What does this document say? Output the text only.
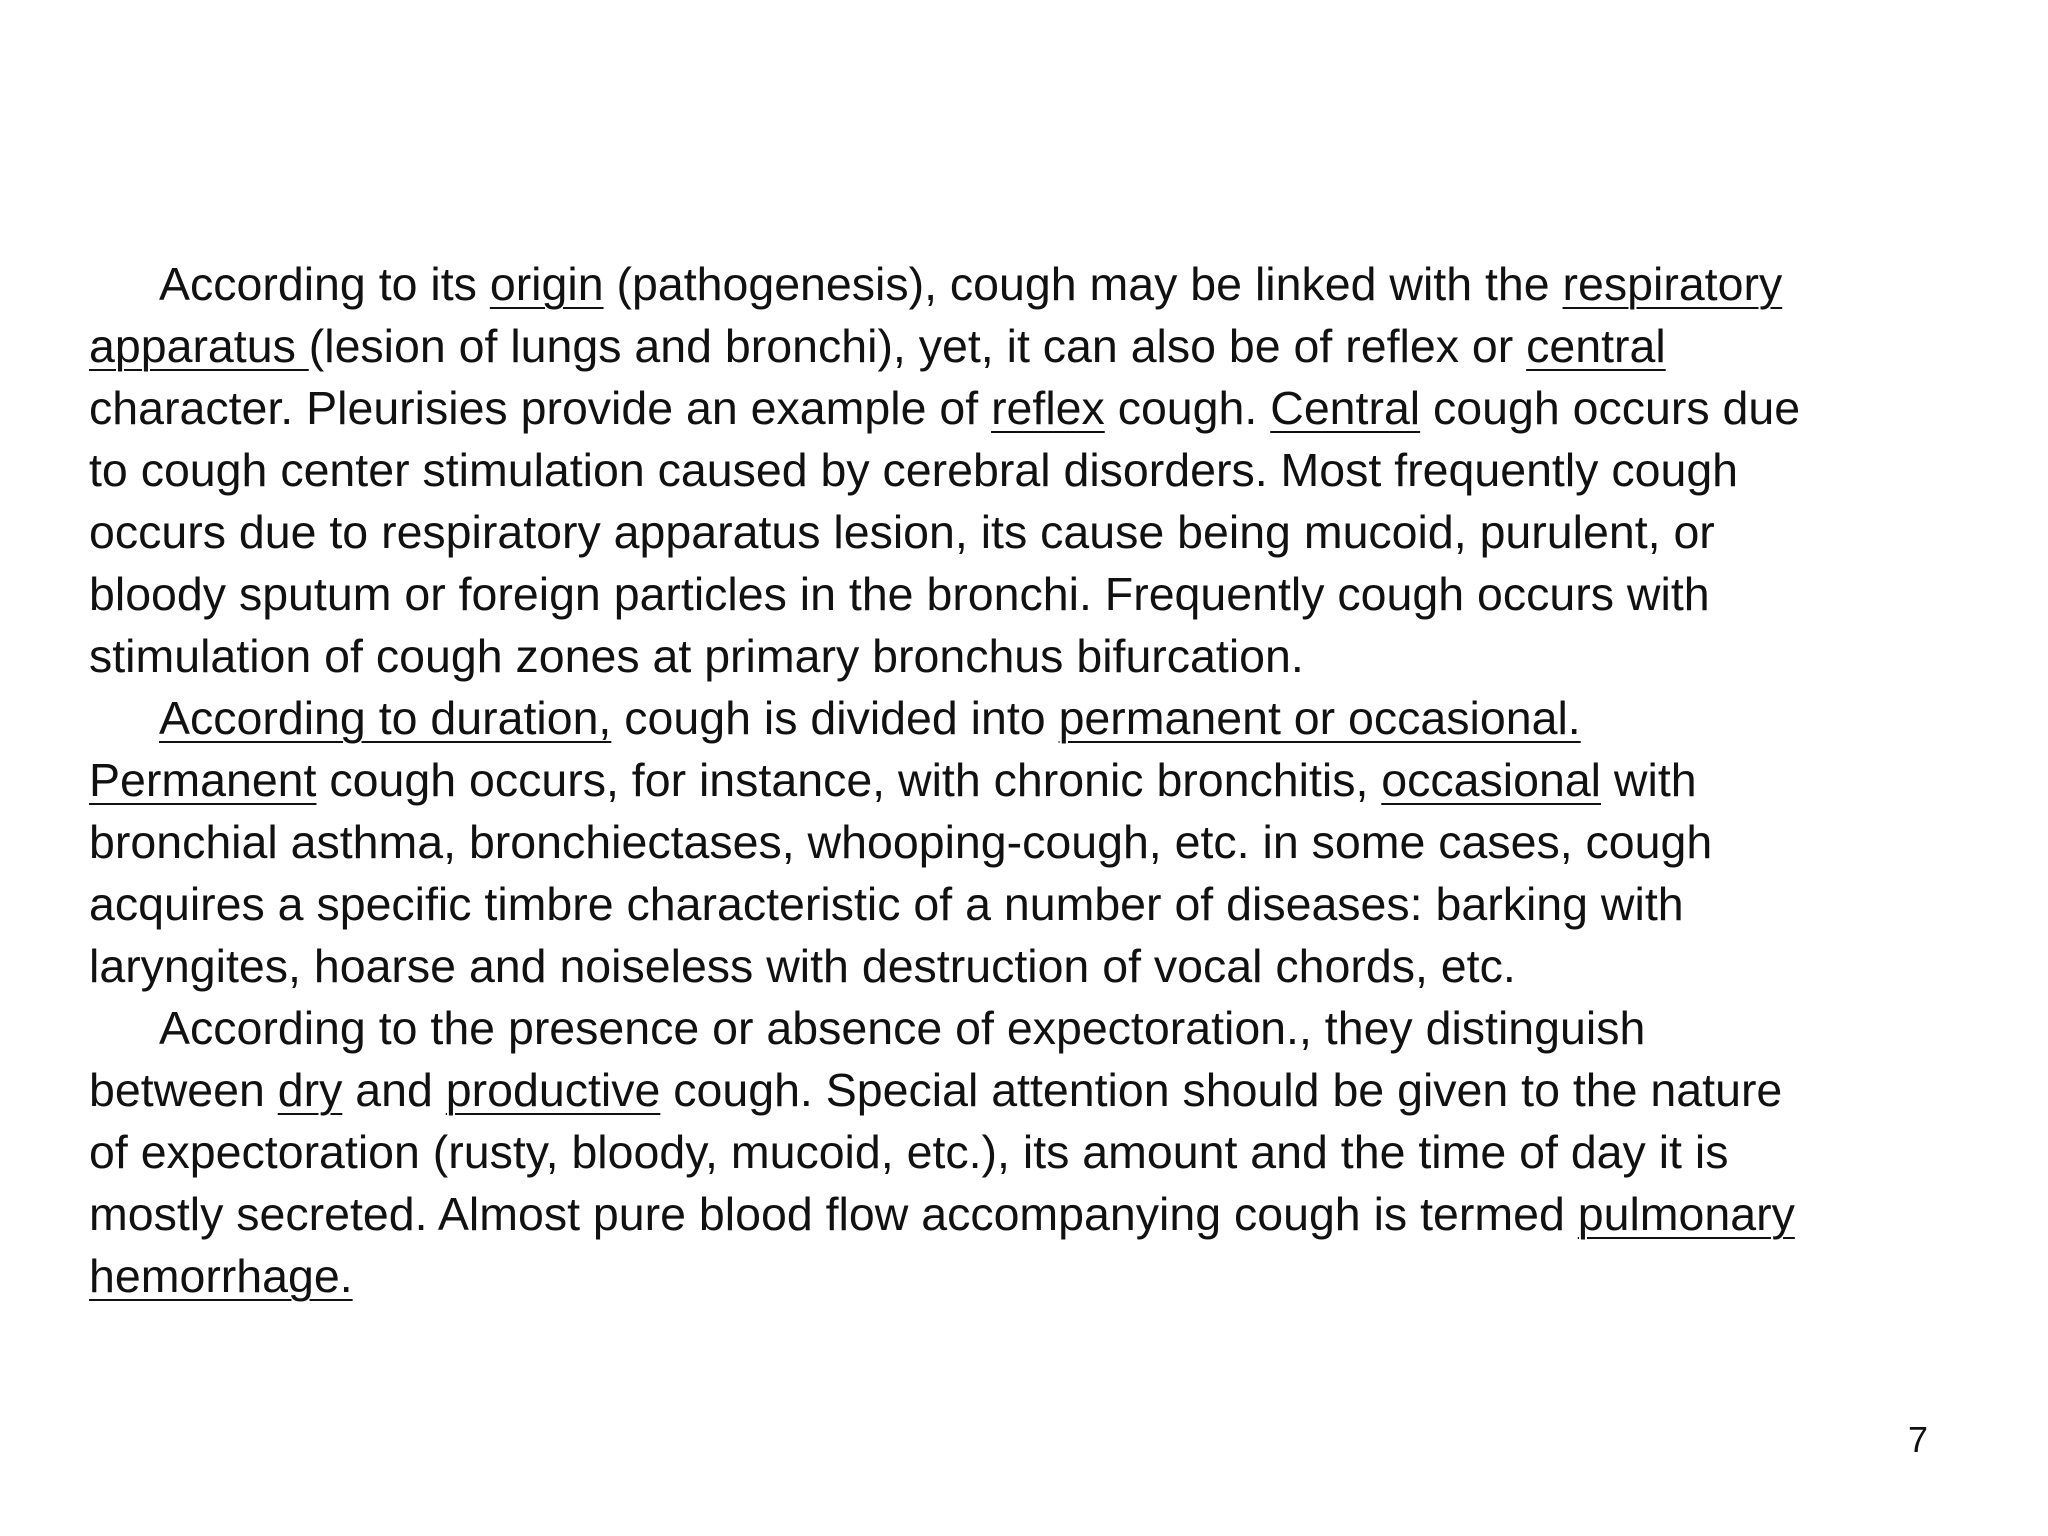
According to its origin (pathogenesis), cough may be linked with the respiratory
apparatus (lesion of lungs and bronchi), yet, it can also be of reflex or central
character. Pleurisies provide an example of reflex cough. Central cough occurs due
to cough center stimulation caused by cerebral disorders. Most frequently cough
occurs due to respiratory apparatus lesion, its cause being mucoid, purulent, or
bloody sputum or foreign particles in the bronchi. Frequently cough occurs with
stimulation of cough zones at primary bronchus bifurcation.
According to duration, cough is divided into permanent or occasional.
Permanent cough occurs, for instance, with chronic bronchitis, occasional with
bronchial asthma, bronchiectases, whooping-cough, etc. in some cases, cough
acquires a specific timbre characteristic of a number of diseases: barking with
laryngites, hoarse and noiseless with destruction of vocal chords, etc.
According to the presence or absence of expectoration., they distinguish
between dry and productive cough. Special attention should be given to the nature
of expectoration (rusty, bloody, mucoid, etc.), its amount and the time of day it is
mostly secreted. Almost pure blood flow accompanying cough is termed pulmonary
hemorrhage.
7
